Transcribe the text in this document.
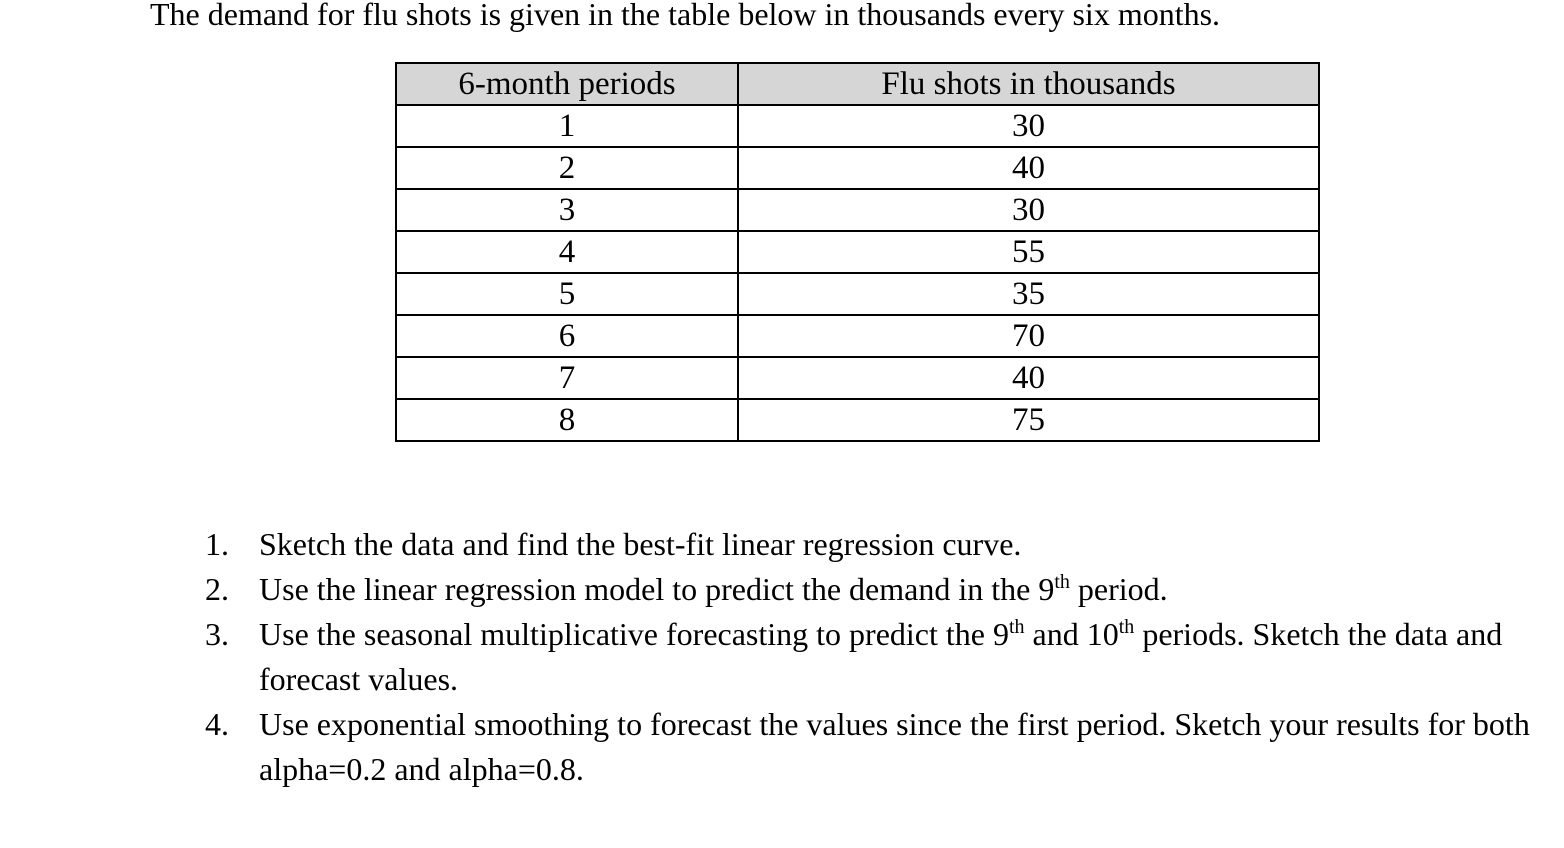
The demand for flu shots is given in the table below in thousands every six months.
6-month periods	Flu shots in thousands
1	30
2	40
3	30
4	55
5	35
6	70
7	40
8	75
1. Sketch the data and find the best-fit linear regression curve.
2. Use the linear regression model to predict the demand in the 9th period.
3. Use the seasonal multiplicative forecasting to predict the 9th and 10th periods. Sketch the data and forecast values.
4. Use exponential smoothing to forecast the values since the first period. Sketch your results for both alpha=0.2 and alpha=0.8.
